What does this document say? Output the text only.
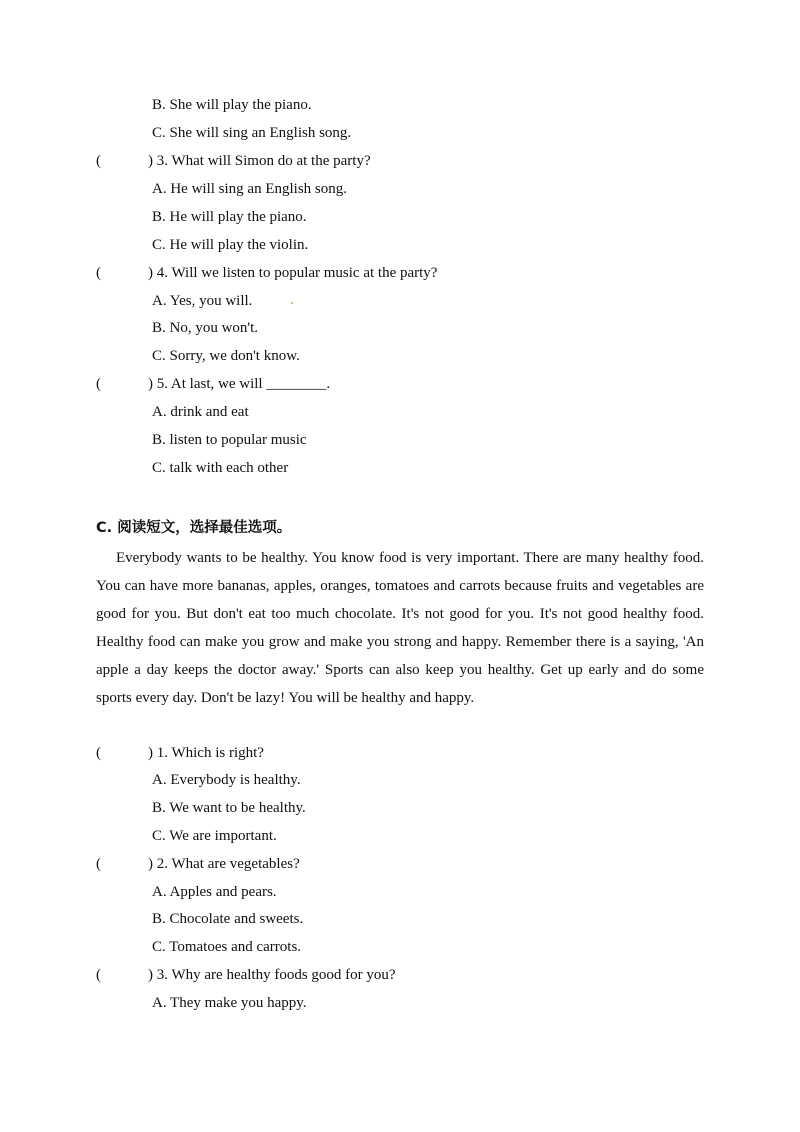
B. She will play the piano.
C. She will sing an English song.
(	) 3. What will Simon do at the party?
A. He will sing an English song.
B. He will play the piano.
C. He will play the violin.
(	) 4. Will we listen to popular music at the party?
A. Yes, you will.
B. No, you won't.
C. Sorry, we don't know.
(	) 5. At last, we will ________.
A. drink and eat
B. listen to popular music
C. talk with each other
C. 阅读短文，选择最佳选项。
Everybody wants to be healthy. You know food is very important. There are many healthy food. You can have more bananas, apples, oranges, tomatoes and carrots because fruits and vegetables are good for you. But don't eat too much chocolate. It's not good for you. It's not good healthy food. Healthy food can make you grow and make you strong and happy. Remember there is a saying, 'An apple a day keeps the doctor away.' Sports can also keep you healthy. Get up early and do some sports every day. Don't be lazy! You will be healthy and happy.
(	) 1. Which is right?
A. Everybody is healthy.
B. We want to be healthy.
C. We are important.
(	) 2. What are vegetables?
A. Apples and pears.
B. Chocolate and sweets.
C. Tomatoes and carrots.
(	) 3. Why are healthy foods good for you?
A. They make you happy.
